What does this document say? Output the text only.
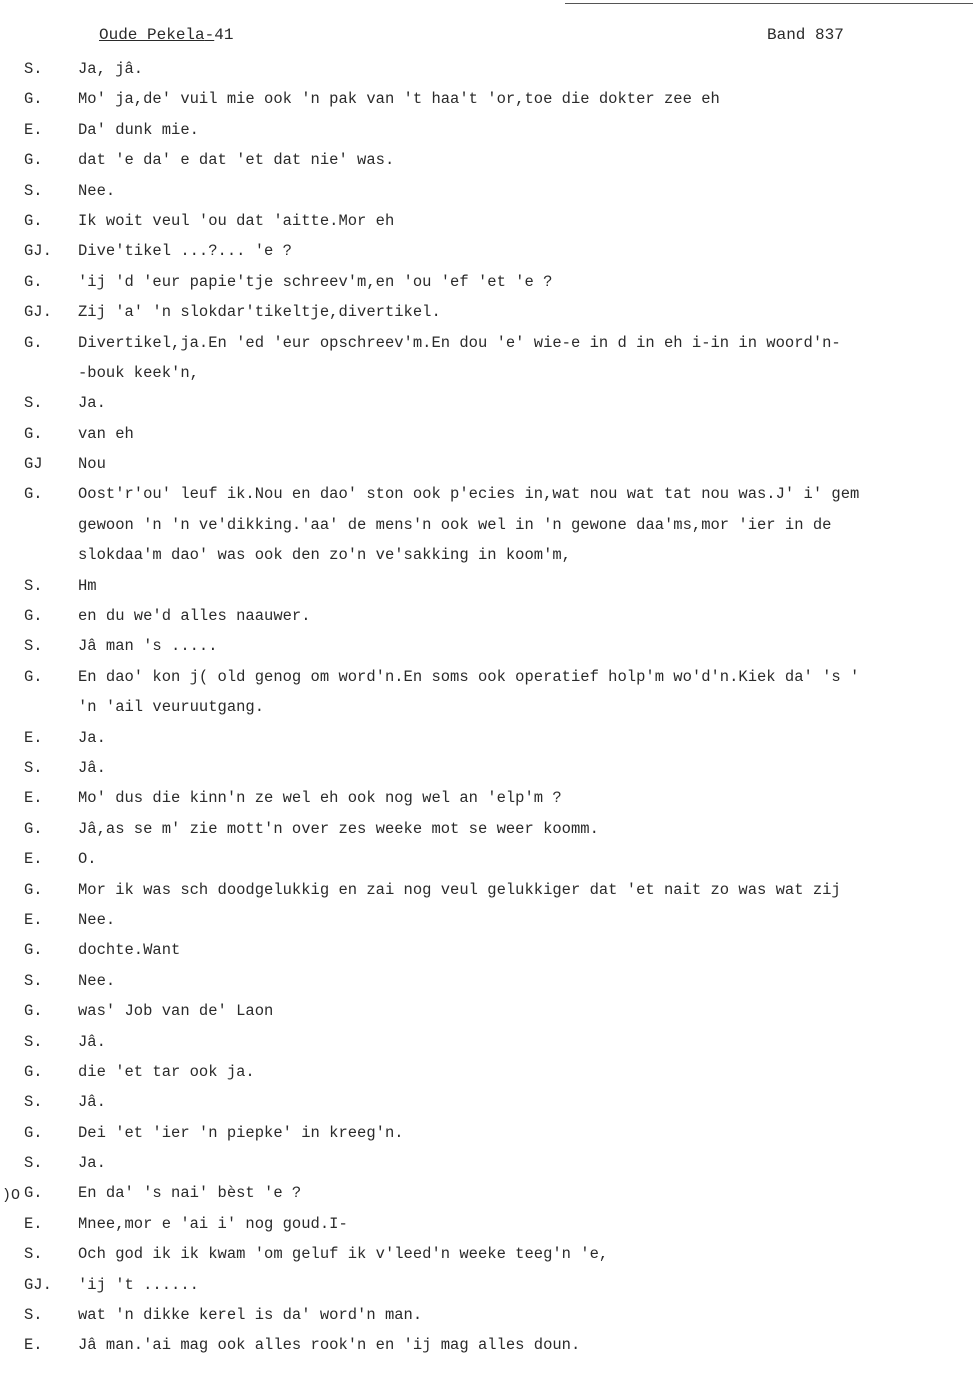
Oude Pekela-41	Band 837
)O
S. Ja, jâ.
G. Mo' ja,de' vuil mie ook 'n pak van 't haa't 'or,toe die dokter zee eh
E. Da' dunk mie.
G. dat 'e da' e dat 'et dat nie' was.
S. Nee.
G. Ik woit veul 'ou dat 'aitte.Mor eh
GJ. Dive'tikel ...?... 'e ?
G. 'ij 'd 'eur papie'tje schreev'm,en 'ou 'ef 'et 'e ?
GJ. Zij 'a' 'n slokdar'tikeltje,divertikel.
G. Divertikel,ja.En 'ed 'eur opschreev'm.En dou 'e' wie-e in d in eh i-in in woord'n-
-bouk keek'n,
S. Ja.
G. van eh
GJ Nou
G. Oost'r'ou' leuf ik.Nou en dao' ston ook p'ecies in,wat nou wat tat nou was.J' i' gem
gewoon 'n 'n ve'dikking.'aa' de mens'n ook wel in 'n gewone daa'ms,mor 'ier in de
slokdaa'm dao' was ook den zo'n ve'sakking in koom'm,
S. Hm
G. en du we'd alles naauwer.
S. Jâ man 's .....
G. En dao' kon j( old genog om word'n.En soms ook operatief holp'm wo'd'n.Kiek da' 's '
'n 'ail veuruutgang.
E. Ja.
S. Jâ.
E. Mo' dus die kinn'n ze wel eh ook nog wel an 'elp'm ?
G. Jâ,as se m' zie mott'n over zes weeke mot se weer koomm.
E. O.
G. Mor ik was sch doodgelukkig en zai nog veul gelukkiger dat 'et nait zo was wat zij
E. Nee.
G. dochte.Want
S. Nee.
G. was' Job van de' Laon
S. Jâ.
G. die 'et tar ook ja.
S. Jâ.
G. Dei 'et 'ier 'n piepke' in kreeg'n.
S. Ja.
G. En da' 's nai' bèst 'e ?
E. Mnee,mor e 'ai i' nog goud.I-
S. Och god ik ik kwam 'om geluf ik v'leed'n weeke teeg'n 'e,
GJ. 'ij 't ......
S. wat 'n dikke kerel is da' word'n man.
E. Jâ man.'ai mag ook alles rook'n en 'ij mag alles doun.
